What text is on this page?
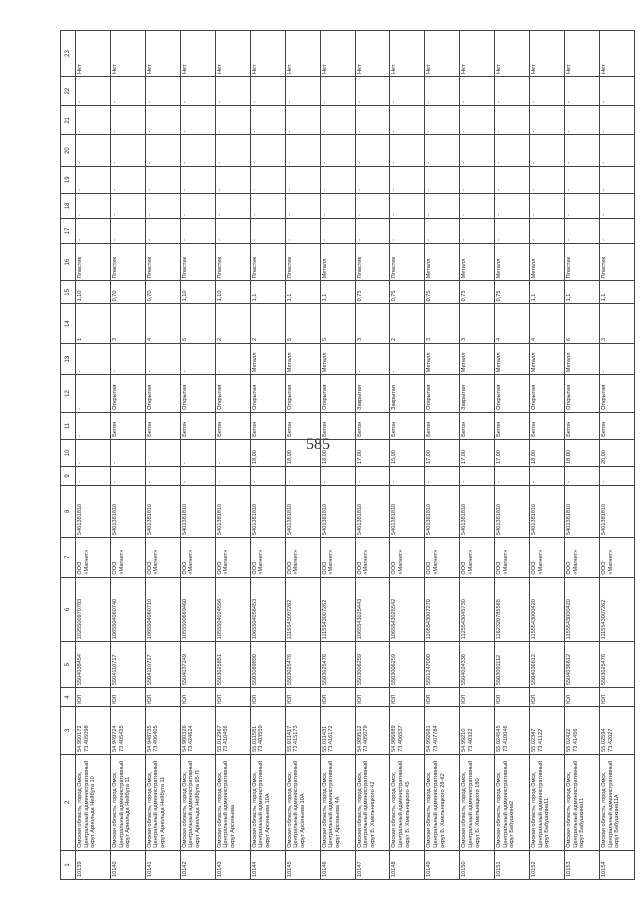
585
1	2	3	4	5	6	7	8	9	10	11	12	13	14	15	16	17	18	19	20	21	22	23
10139	Омская область, город Омск, Центральный административный округ Арнольда Нейбута 10	54.950172 73.405098	ЮЛ	5504038454	1025500970783	ООО «Магнит»	5401381810	-	-	-	-	-	1	1,10	Пластик	-	-	-	-	-	-	Нет
10140	Омская область, город Омск, Центральный административный округ Арнольда Нейбута 11	54.949724 73.405435	ЮЛ	5504110717	1065504060740	ООО «Магнит»	5401381810	-	-	Бетон	Открытая	-	3	0,70	Пластик	-	-	-	-	-	-	Нет
10141	Омская область, город Омск, Центральный административный округ Арнольда Нейбута 11	54.948735 73.406405	ЮЛ	5504110717	1065504060710	ООО «Магнит»	5401381810	-	-	Бетон	Открытая	-	4	0,70	Пластик	-	-	-	-	-	-	Нет
10142	Омская область, город Омск, Центральный административный округ Арнольда Нейбута 95-П	54.980326 73.424624	ЮЛ	5504037249	1055500669460	ООО «Магнит»	5401381810	-	-	Бетон	Открытая	-	5	1,10	Пластик	-	-	-	-	-	-	Нет
10143	Омская область, город Омск, Центральный административный округ Арсеньева	55.012967 73.410456	ЮЛ	5503025851	1055504024556	ООО «Магнит»	5401381810	-	-	Бетон	Открытая	-	2	1,10	Пластик	-	-	-	-	-	-	Нет
10144	Омская область, город Омск, Центральный административный округ Арсеньева 10А	55.011581 73.403559	ЮЛ	5503089890	1065504056453	ООО «Магнит»	5401381810	-	18,00	Бетон	Открытая	Металл	2	1,1	Пластик	-	-	-	-	-	-	Нет
10145	Омская область, город Омск, Центральный административный округ Арсеньева 10А	55.011417 73.415173	ЮЛ	5503025476	1115543007262	ООО «Магнит»	5401381810	-	18,00	Бетон	Открытая	Металл	5	1,1	Пластик	-	-	-	-	-	-	Нет
10146	Омская область, город Омск, Центральный административный округ Арсеньева 4А	55.011431 73.416172	ЮЛ	5503025476	1115543007262	ООО «Магнит»	5401381810	-	18,00	Бетон	Открытая	Металл	5	1,1	Металл	-	-	-	-	-	-	Нет
10147	Омская область, город Омск, Центральный административный округ Б. Хмельницкого 42	54.989512 73.405079	ЮЛ	5503006259	1065543025443	ООО «Магнит»	5401381810	-	17,00	Бетон	Закрытая	-	3	0,75	Пластик	-	-	-	-	-	-	Нет
10148	Омская область, город Омск, Центральный административный округ Б. Хмельницкого 45	54.986889 73.406537	ЮЛ	5503006259	1065543025542	ООО «Магнит»	5401381810	-	15,00	Бетон	Закрытая	-	2	0,75	Пластик	-	-	-	-	-	-	Нет
10149	Омская область, город Омск, Центральный административный округ Б. Хмельницкого 28-К2	54.992681 73.407784	ЮЛ	5501247090	1105543007270	ООО «Магнит»	5401381810	-	17,00	Бетон	Открытая	Металл	3	0,75	Металл	-	-	-	-	-	-	Нет
10150	Омская область, город Омск, Центральный административный округ Б. Хмельницкого 180	54.99210 73.40322	ЮЛ	5504024336	1125543045730	ООО «Магнит»	5401381810	-	17,00	Бетон	Закрытая	Металл	3	0,75	Металл	-	-	-	-	-	-	Нет
10151	Омская область, город Омск, Центральный административный округ Бабушкина2	55.024545 73.410046	ЮЛ	5503091112	1162320785565	ООО «Магнит»	5401381810	-	17,00	Бетон	Открытая	Металл	4	0,75	Металл	-	-	-	-	-	-	Нет
10152	Омская область, город Омск, Центральный административный округ Бабушкина11	55.02347 73.41122	ЮЛ	5504036612	1155543000420	ООО «Магнит»	5401381810	-	18,00	Бетон	Открытая	Металл	4	1,1	Металл	-	-	-	-	-	-	Нет
10153	Омская область, город Омск, Центральный административный округ Бабушкина11	55.02422 73.41456	ЮЛ	5504036612	1155543000420	ООО «Магнит»	5401381810	-	18,00	Бетон	Открытая	Металл	6	1,1	Пластик	-	-	-	-	-	-	Нет
10154	Омская область, город Омск, Центральный административный округ Бабушкина11А	55.02594 73.42027	ЮЛ	5503025476	1115543007262	ООО «Магнит»	5401381810	-	20,00	Бетон	Открытая	-	3	1,1	Пластик	-	-	-	-	-	-	Нет
